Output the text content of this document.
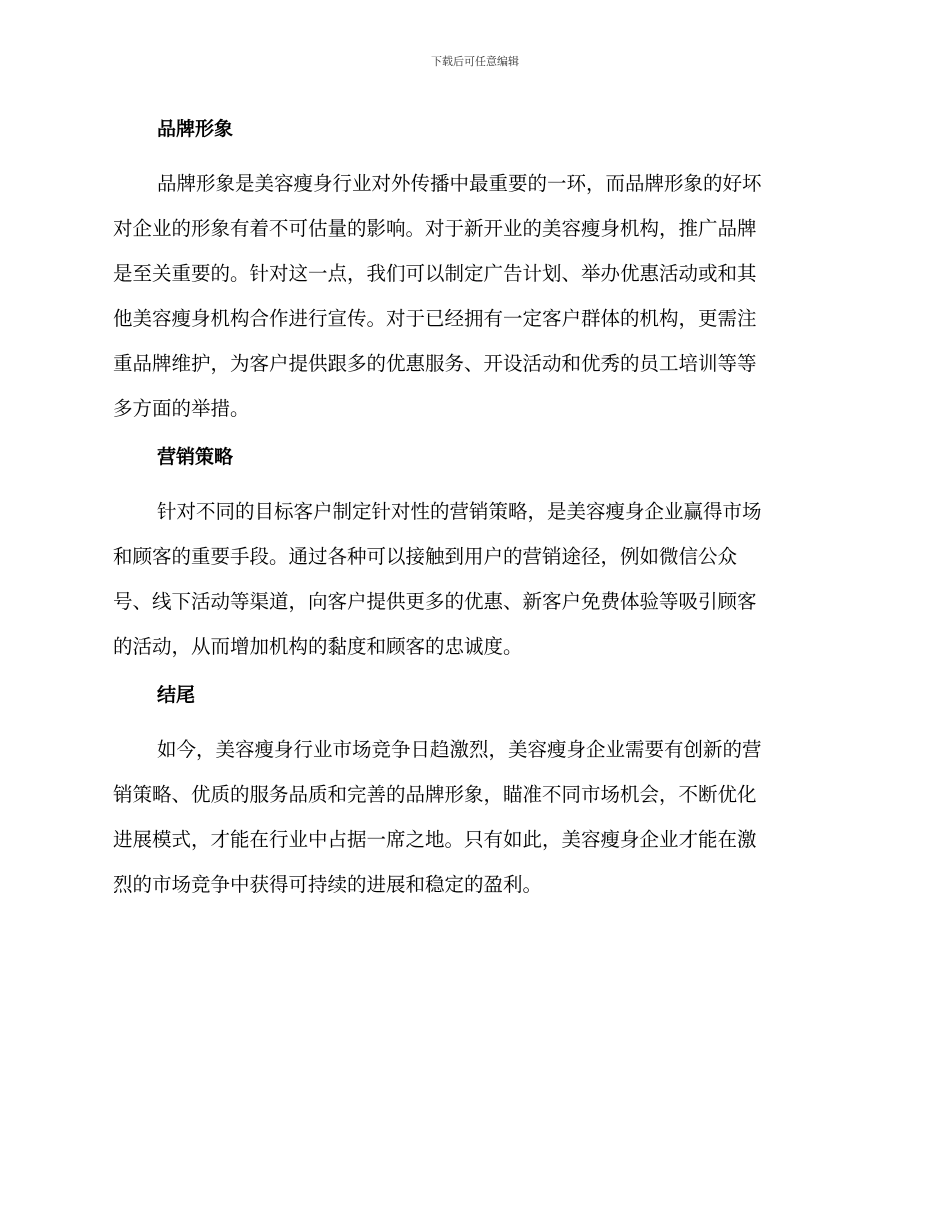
下载后可任意编辑
品牌形象

品牌形象是美容瘦身行业对外传播中最重要的一环，而品牌形象的好坏
对企业的形象有着不可估量的影响。对于新开业的美容瘦身机构，推广品牌
是至关重要的。针对这一点，我们可以制定广告计划、举办优惠活动或和其
他美容瘦身机构合作进行宣传。对于已经拥有一定客户群体的机构，更需注
重品牌维护，为客户提供跟多的优惠服务、开设活动和优秀的员工培训等等
多方面的举措。

营销策略

针对不同的目标客户制定针对性的营销策略，是美容瘦身企业赢得市场
和顾客的重要手段。通过各种可以接触到用户的营销途径，例如微信公众
号、线下活动等渠道，向客户提供更多的优惠、新客户免费体验等吸引顾客
的活动，从而增加机构的黏度和顾客的忠诚度。

结尾

如今，美容瘦身行业市场竞争日趋激烈，美容瘦身企业需要有创新的营
销策略、优质的服务品质和完善的品牌形象，瞄准不同市场机会，不断优化
进展模式，才能在行业中占据一席之地。只有如此，美容瘦身企业才能在激
烈的市场竞争中获得可持续的进展和稳定的盈利。
